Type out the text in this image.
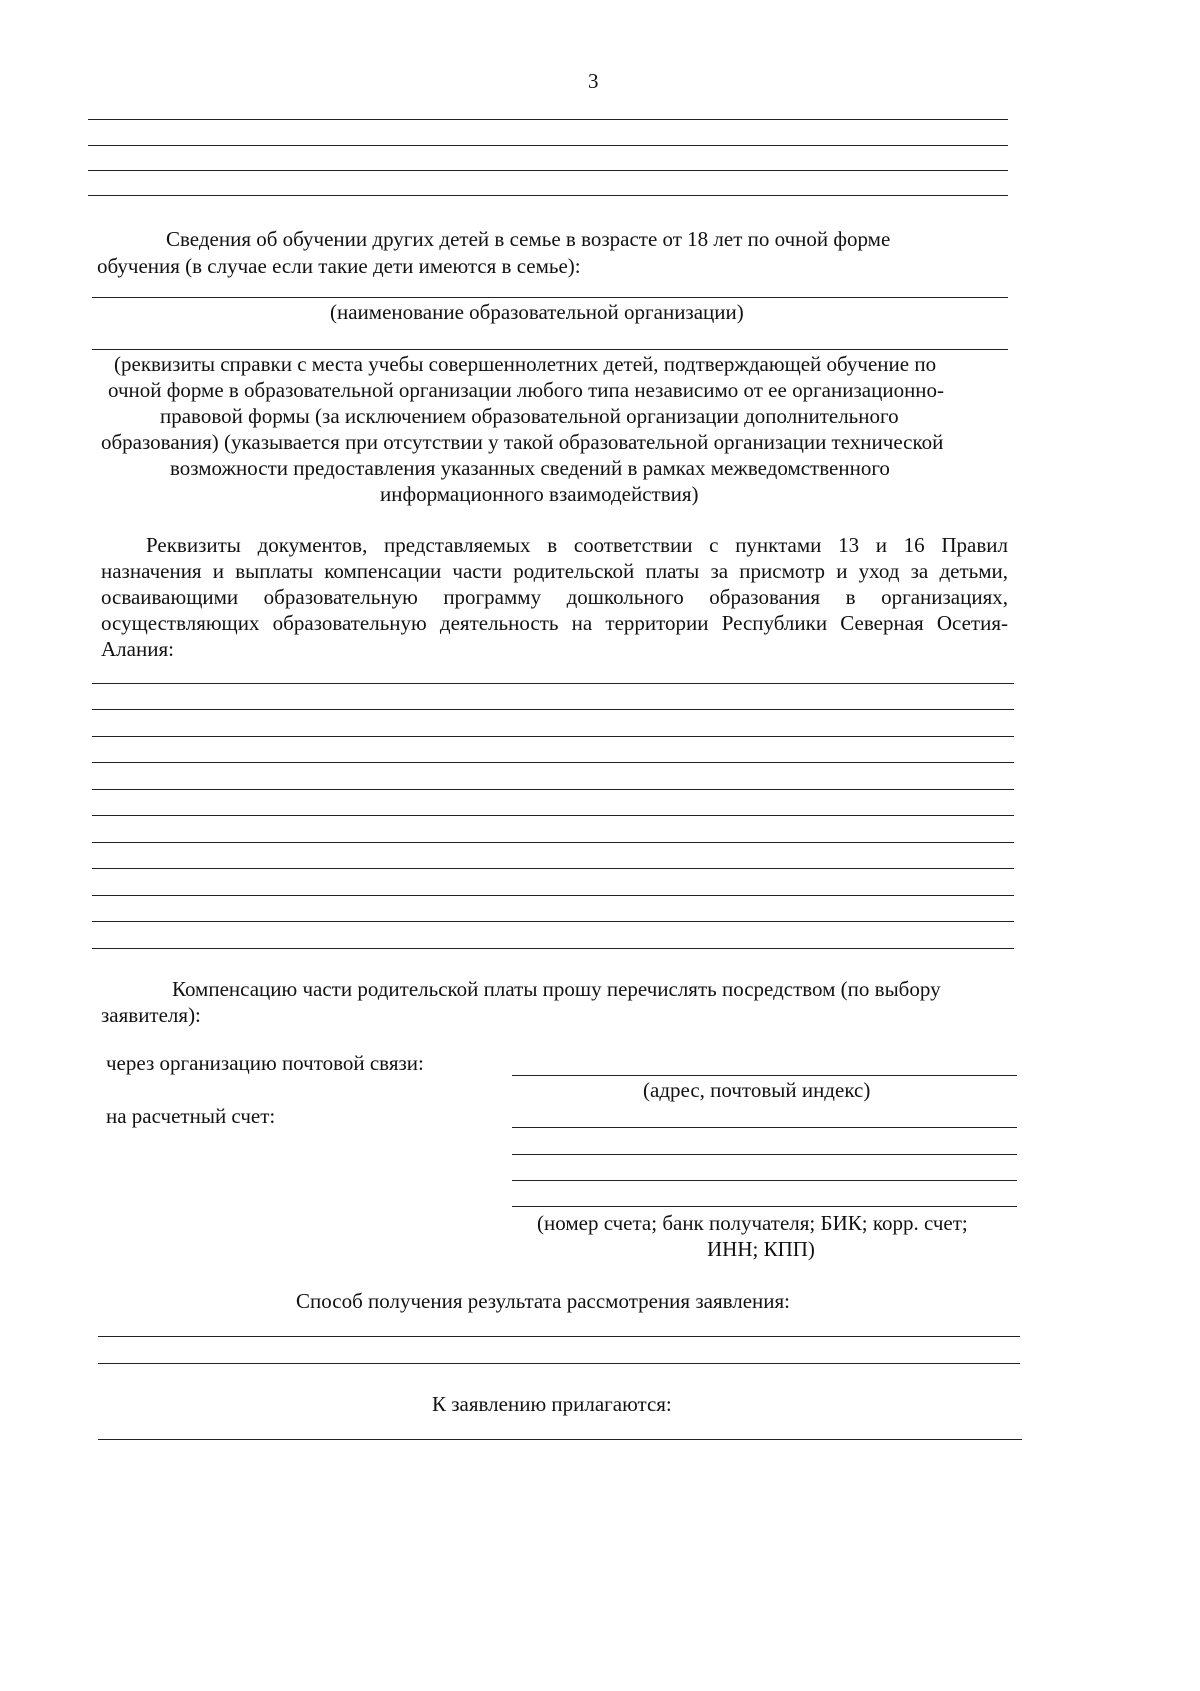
3
Сведения об обучении других детей в семье в возрасте от 18 лет по очной форме
обучения (в случае если такие дети имеются в семье):
(наименование образовательной организации)
(реквизиты справки с места учебы совершеннолетних детей, подтверждающей обучение по
очной форме в образовательной организации любого типа независимо от ее организационно-
правовой формы (за исключением образовательной организации дополнительного
образования) (указывается при отсутствии у такой образовательной организации технической
возможности предоставления указанных сведений в рамках межведомственного
информационного взаимодействия)
Реквизиты документов, представляемых в соответствии с пунктами 13 и 16 Правил
назначения и выплаты компенсации части родительской платы за присмотр и уход за детьми,
осваивающими образовательную программу дошкольного образования в организациях,
осуществляющих образовательную деятельность на территории Республики Северная Осетия-
Алания:
Компенсацию части родительской платы прошу перечислять посредством (по выбору
заявителя):
через организацию почтовой связи:
(адрес, почтовый индекс)
на расчетный счет:
(номер счета; банк получателя; БИК; корр. счет;
ИНН; КПП)
Способ получения результата рассмотрения заявления:
К заявлению прилагаются:
